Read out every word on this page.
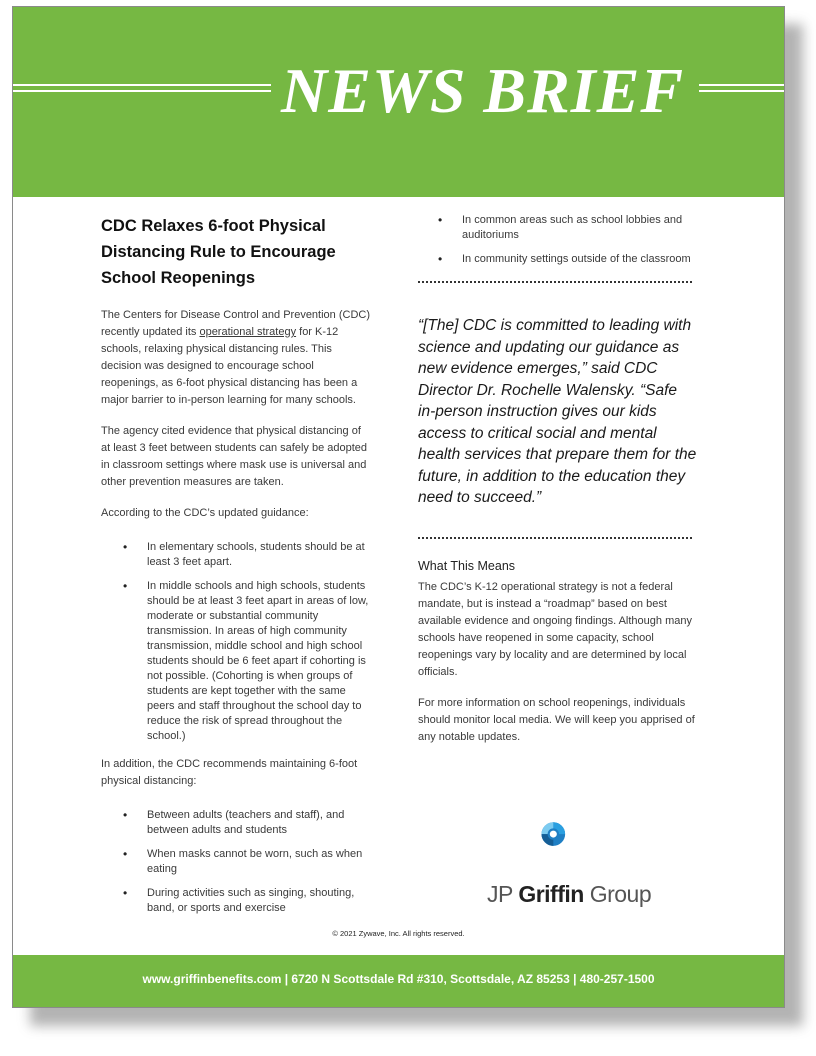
NEWS BRIEF
CDC Relaxes 6-foot Physical Distancing Rule to Encourage School Reopenings

The Centers for Disease Control and Prevention (CDC) recently updated its operational strategy for K-12 schools, relaxing physical distancing rules. This decision was designed to encourage school reopenings, as 6-foot physical distancing has been a major barrier to in-person learning for many schools.

The agency cited evidence that physical distancing of at least 3 feet between students can safely be adopted in classroom settings where mask use is universal and other prevention measures are taken.

According to the CDC’s updated guidance:

• In elementary schools, students should be at least 3 feet apart.
• In middle schools and high schools, students should be at least 3 feet apart in areas of low, moderate or substantial community transmission. In areas of high community transmission, middle school and high school students should be 6 feet apart if cohorting is not possible. (Cohorting is when groups of students are kept together with the same peers and staff throughout the school day to reduce the risk of spread throughout the school.)

In addition, the CDC recommends maintaining 6-foot physical distancing:

• Between adults (teachers and staff), and between adults and students
• When masks cannot be worn, such as when eating
• During activities such as singing, shouting, band, or sports and exercise
• In common areas such as school lobbies and auditoriums
• In community settings outside of the classroom

“[The] CDC is committed to leading with science and updating our guidance as new evidence emerges,” said CDC Director Dr. Rochelle Walensky. “Safe in-person instruction gives our kids access to critical social and mental health services that prepare them for the future, in addition to the education they need to succeed.”

What This Means

The CDC’s K-12 operational strategy is not a federal mandate, but is instead a “roadmap” based on best available evidence and ongoing findings. Although many schools have reopened in some capacity, school reopenings vary by locality and are determined by local officials.

For more information on school reopenings, individuals should monitor local media. We will keep you apprised of any notable updates.

JP Griffin Group
© 2021 Zywave, Inc. All rights reserved.
www.griffinbenefits.com | 6720 N Scottsdale Rd #310, Scottsdale, AZ 85253 | 480-257-1500
